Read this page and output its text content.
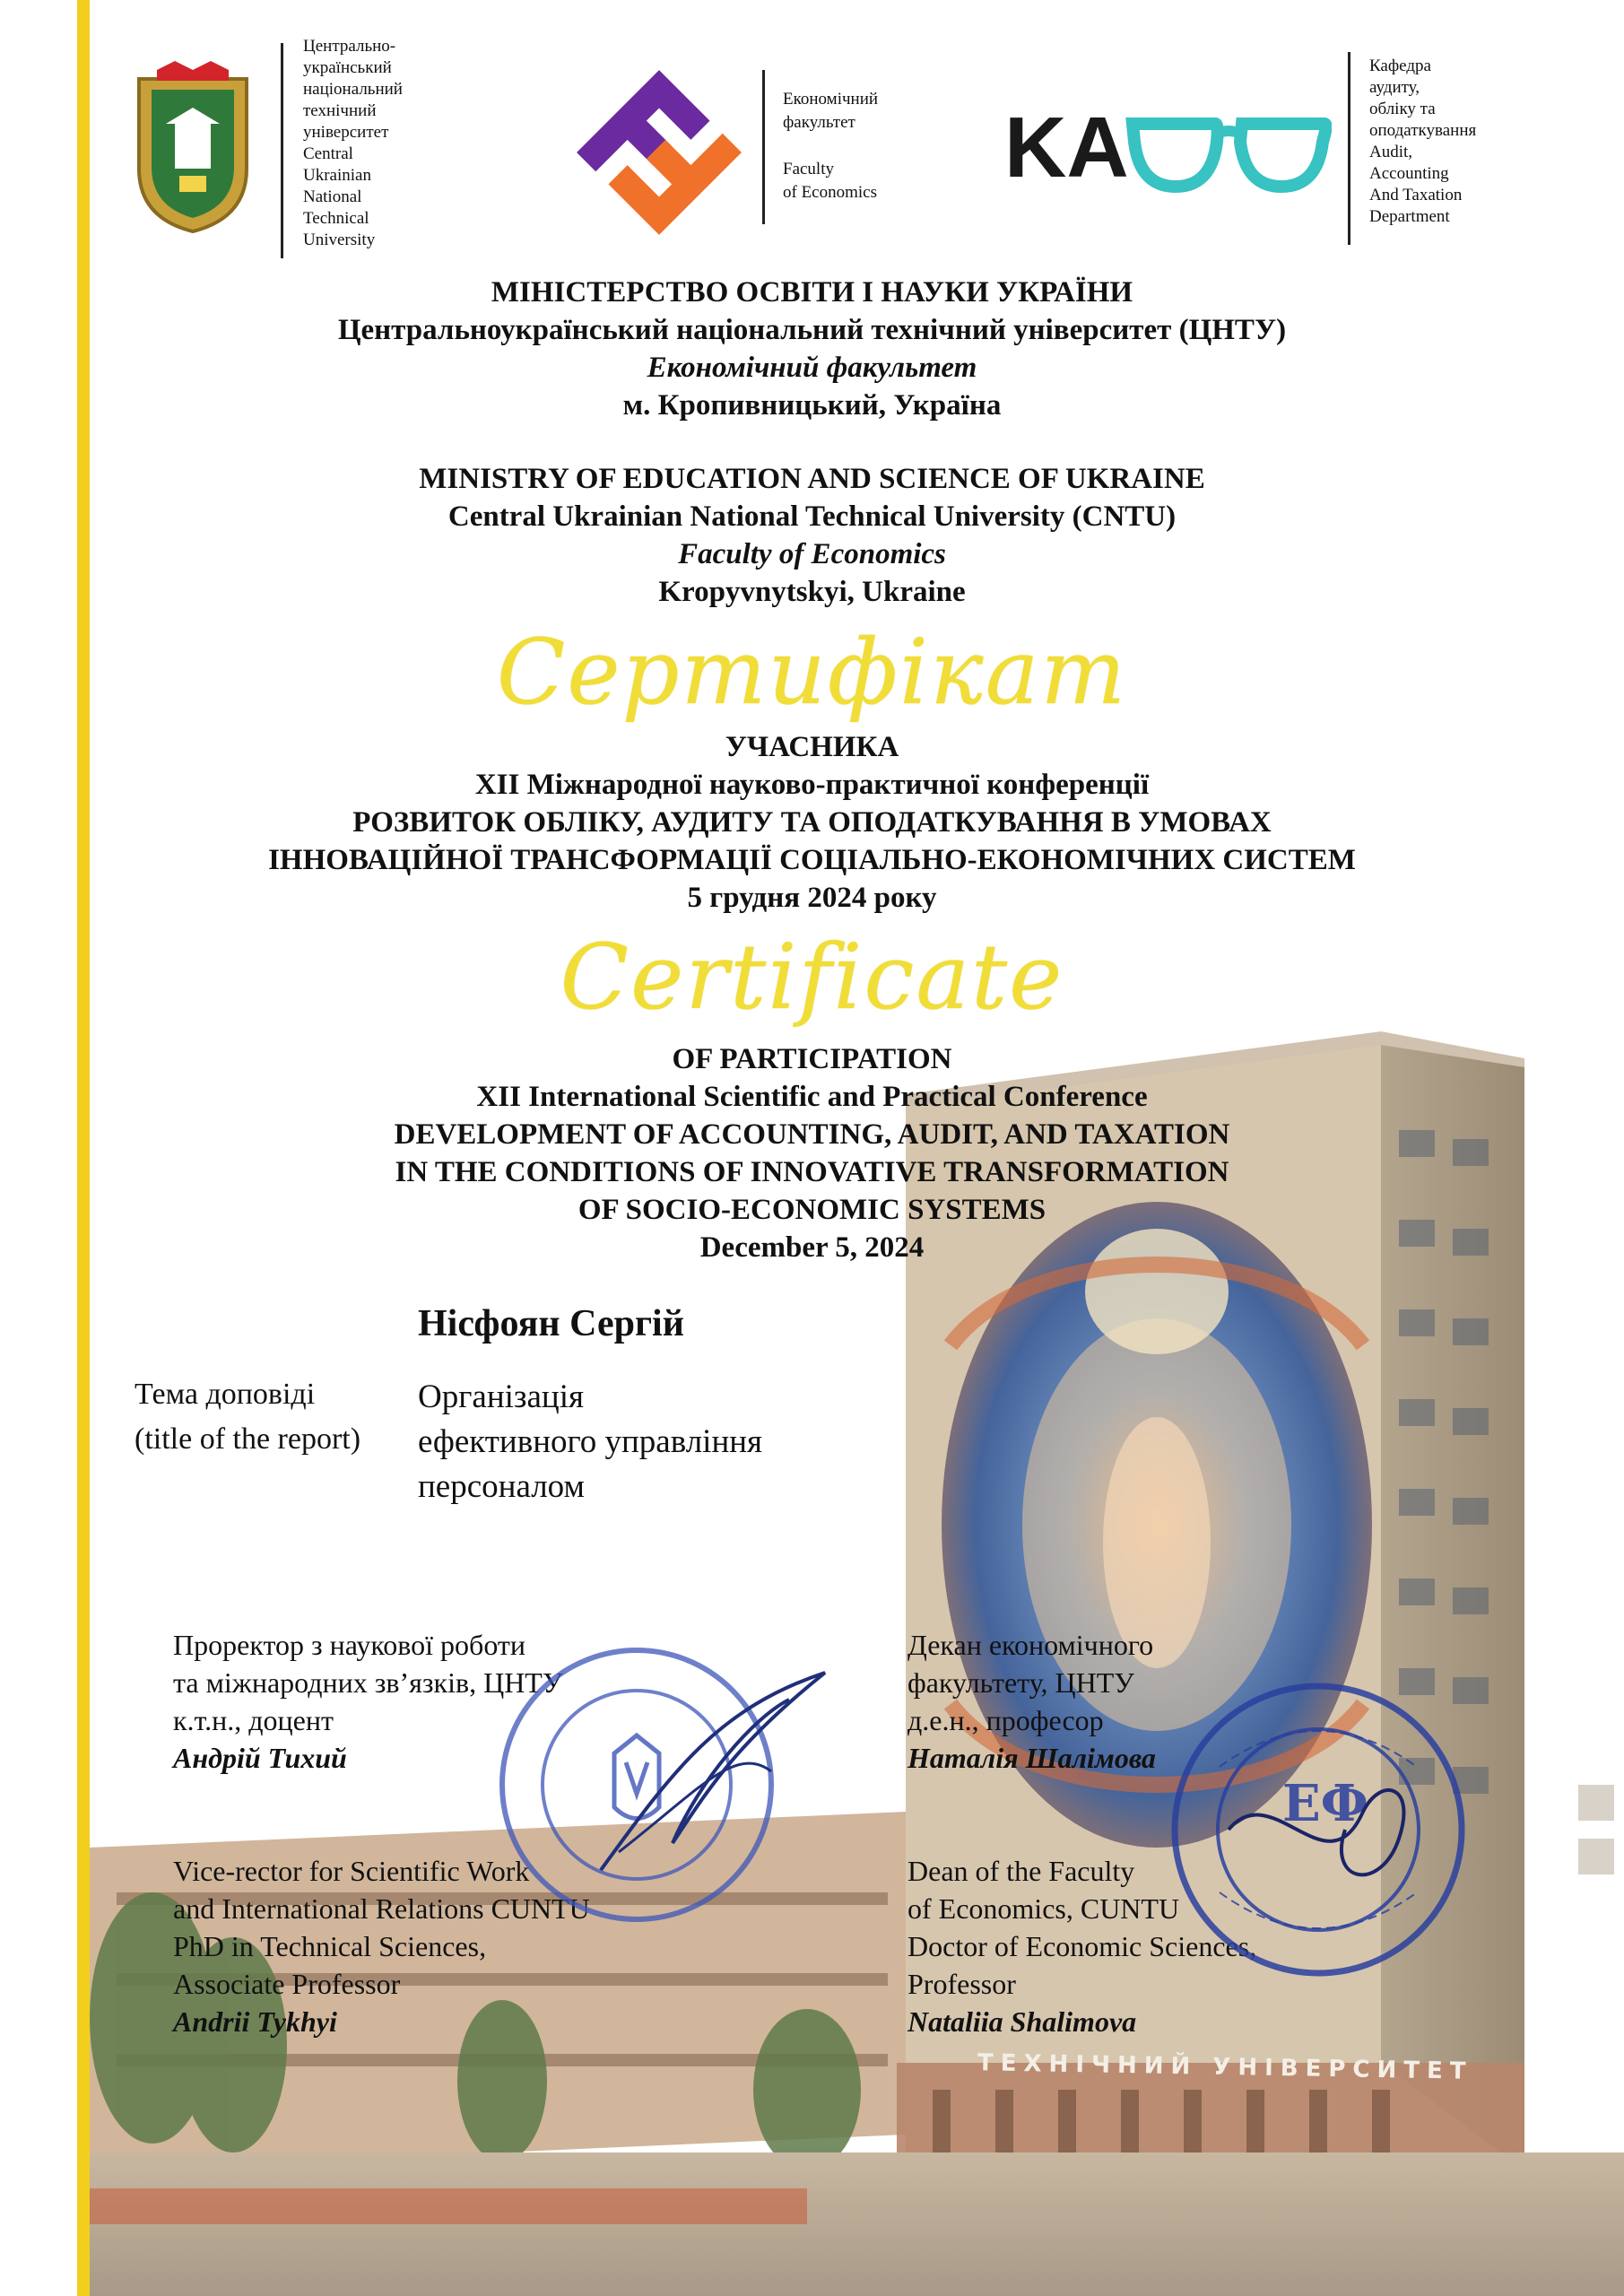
Центрально-
український
національний
технічний
університет
Central
Ukrainian
National
Technical
University
Економічний
факультет
Faculty
of Economics KA
Кафедра
аудиту,
обліку та
оподаткування
Audit,
Accounting
And Taxation
Department
МІНІСТЕРСТВО ОСВІТИ І НАУКИ УКРАЇНИ
Центральноукраїнський національний технічний університет (ЦНТУ)
Економічний факультет
м. Кропивницький, Україна
MINISTRY OF EDUCATION AND SCIENCE OF UKRAINE
Central Ukrainian National Technical University (CNTU)
Faculty of Economics
Kropyvnytskyi, Ukraine
Сертифікат
УЧАСНИКА
XII Міжнародної науково-практичної конференції
РОЗВИТОК ОБЛІКУ, АУДИТУ ТА ОПОДАТКУВАННЯ В УМОВАХ
ІННОВАЦІЙНОЇ ТРАНСФОРМАЦІЇ СОЦІАЛЬНО-ЕКОНОМІЧНИХ СИСТЕМ
5 грудня 2024 року
Certificate
OF PARTICIPATION
XII International Scientific and Practical Conference
DEVELOPMENT OF ACCOUNTING, AUDIT, AND TAXATION
IN THE CONDITIONS OF INNOVATIVE TRANSFORMATION
OF SOCIO-ECONOMIC SYSTEMS
December 5, 2024
Нісфоян Сергій
Тема доповіді
(title of the report)
Організація
ефективного управління
персоналом
Проректор з наукової роботи
та міжнародних зв’язків, ЦНТУ
к.т.н., доцент
Андрій Тихий
Декан економічного
факультету, ЦНТУ
д.е.н., професор
Наталія Шалімова
Vice-rector for Scientific Work
and International Relations CUNTU
PhD in Technical Sciences,
Associate Professor
Andrii Tykhyi
Dean of the Faculty
of Economics, CUNTU
Doctor of Economic Sciences,
Professor
Nataliia Shalimova
ТЕХНІЧНИЙ УНІВЕРСИТЕТ
ЕФ
